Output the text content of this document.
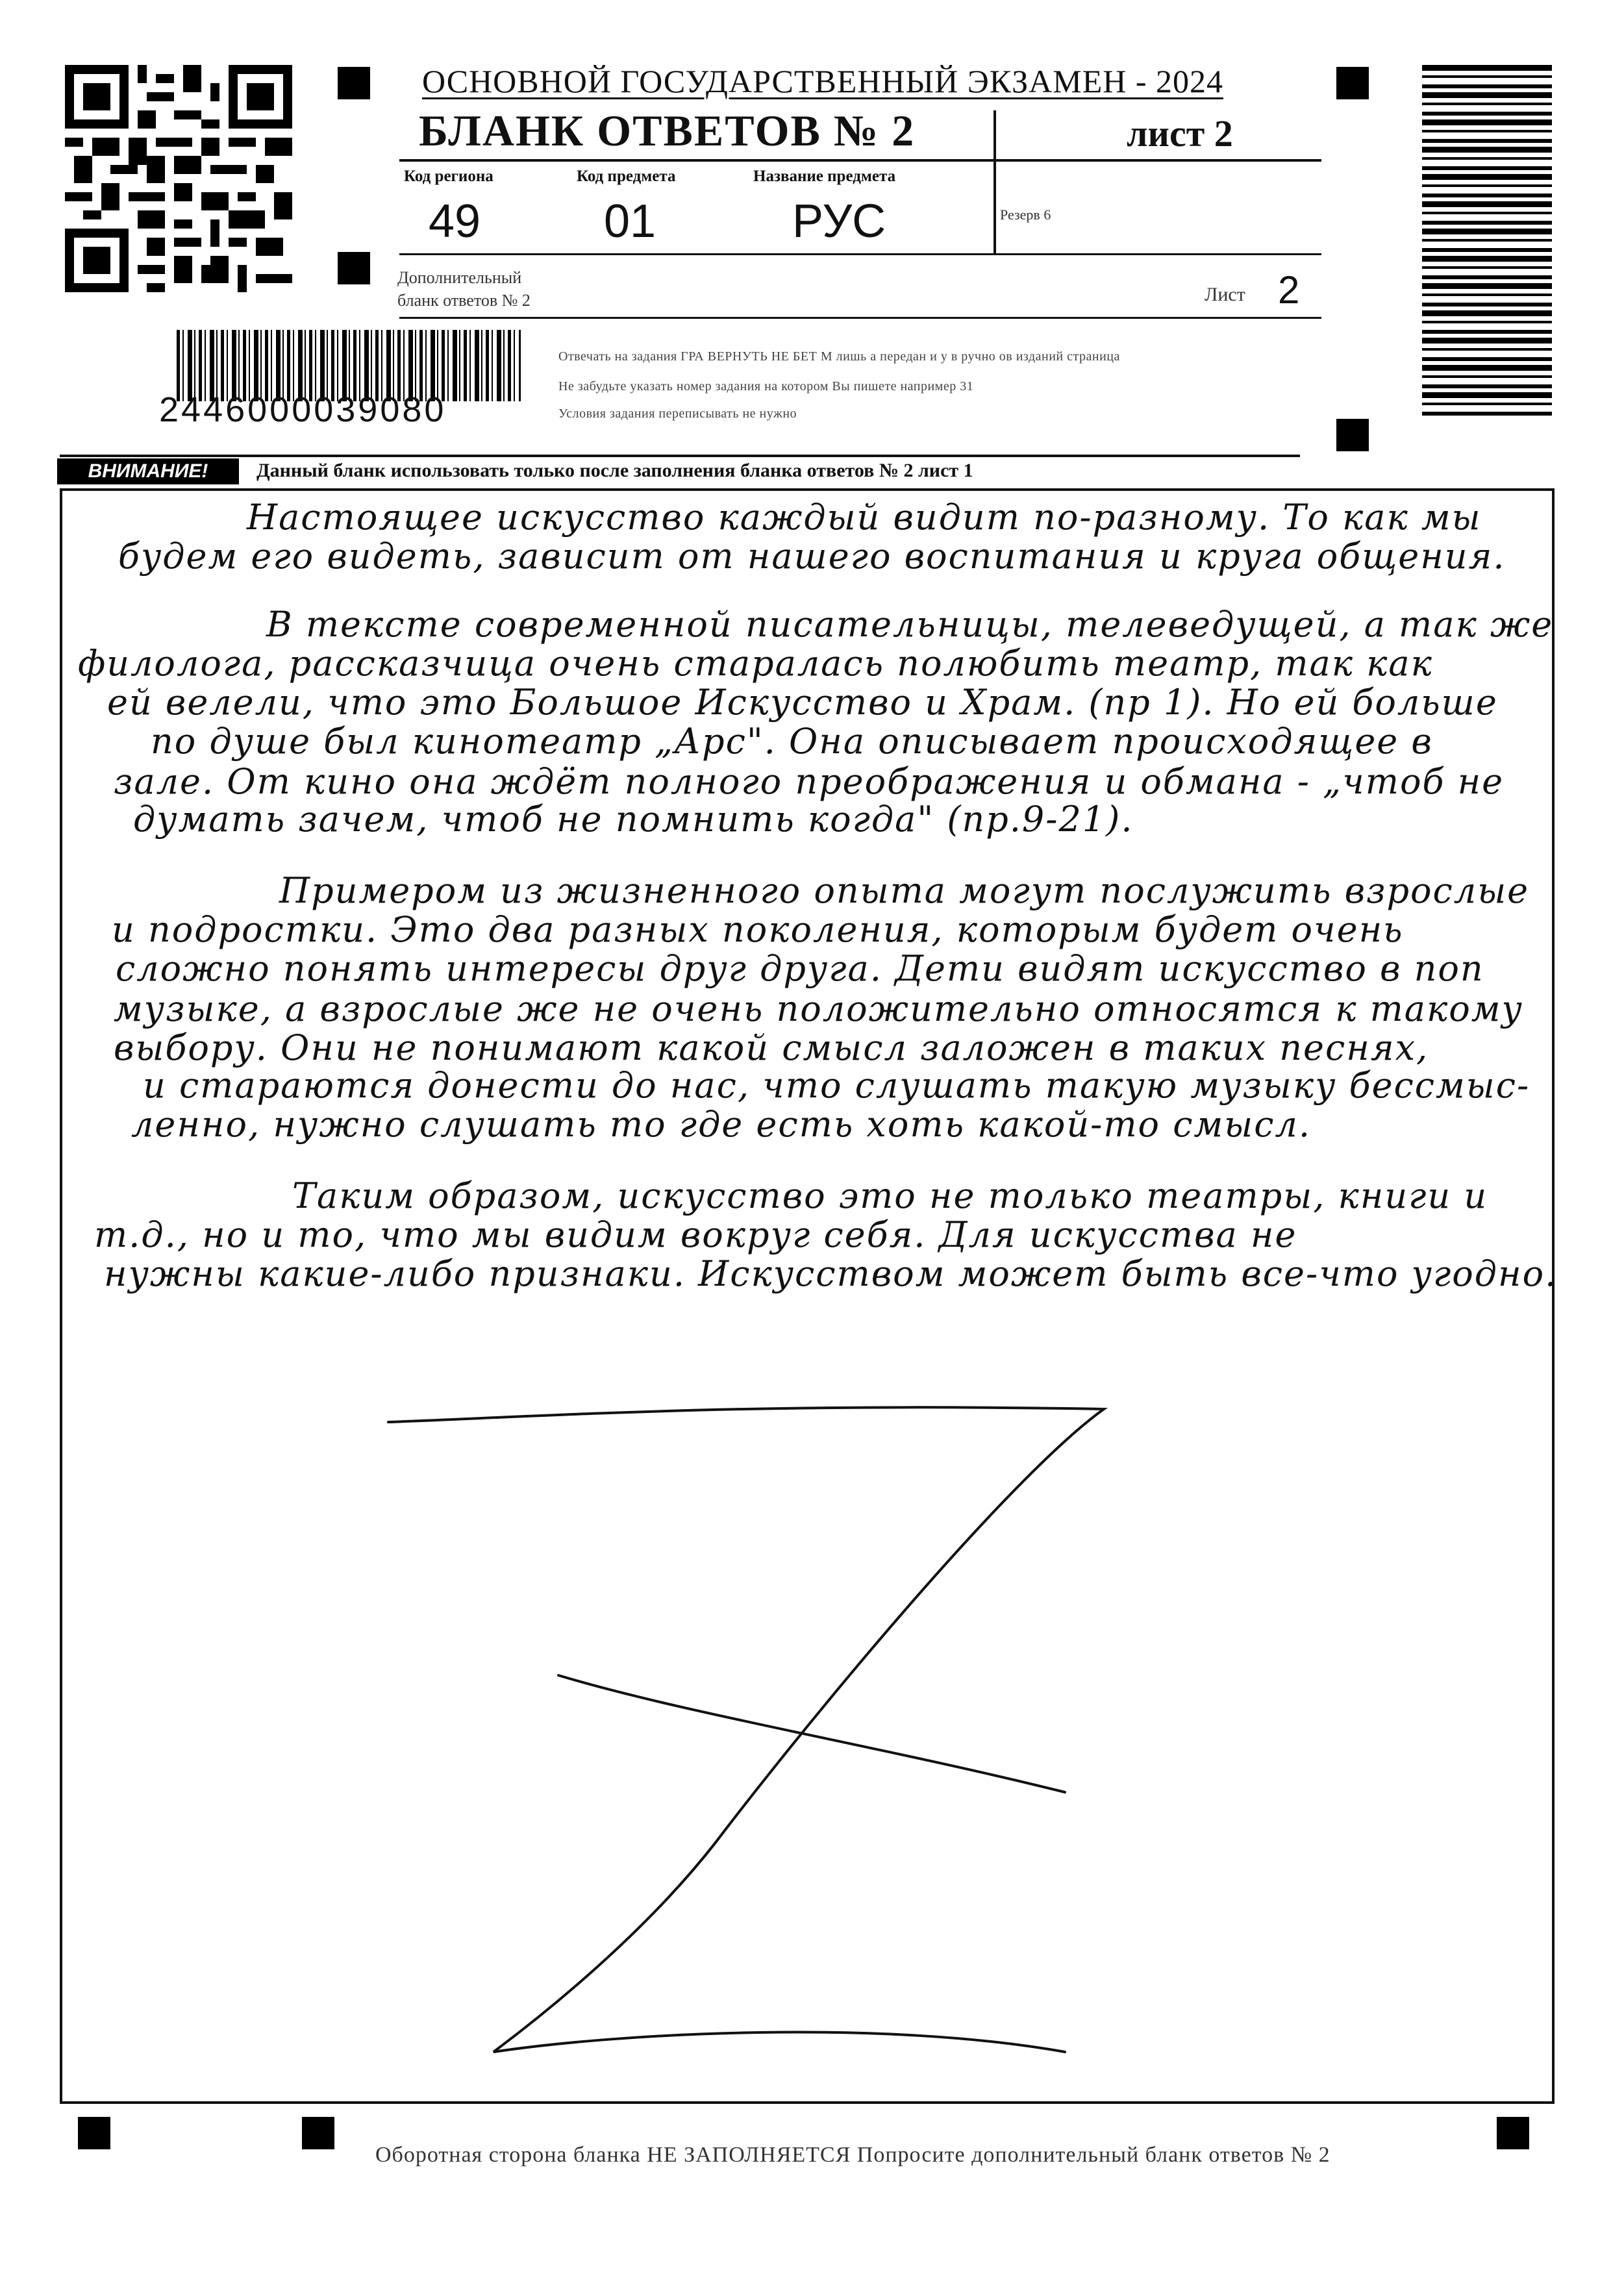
ОСНОВНОЙ ГОСУДАРСТВЕННЫЙ ЭКЗАМЕН - 2024
БЛАНК ОТВЕТОВ № 2	лист 2
Код региона
49
Код предмета
01
Название предмета
РУС	Резерв 6
Дополнительный
бланк ответов № 2	Лист 2
2446000039080
Отвечать на задания ГРА ВЕРНУТЬ НЕ БЕТ М лишь а передан и у в ручно ов изданий страница
Не забудьте указать номер задания на котором Вы пишете например 31
Условия задания переписывать не нужно
ВНИМАНИЕ!	Данный бланк использовать только после заполнения бланка ответов № 2 лист 1
Настоящее искусство каждый видит по-разному. То как мы
будем его видеть, зависит от нашего воспитания и круга общения.
В тексте современной писательницы, телеведущей, а так же
филолога, рассказчица очень старалась полюбить театр, так как
ей велели, что это Большое Искусство и Храм. (пр 1). Но ей больше
по душе был кинотеатр „Арс". Она описывает происходящее в
зале. От кино она ждёт полного преображения и обмана - „чтоб не
думать зачем, чтоб не помнить когда" (пр.9-21).
Примером из жизненного опыта могут послужить взрослые
и подростки. Это два разных поколения, которым будет очень
сложно понять интересы друг друга. Дети видят искусство в поп
музыке, а взрослые же не очень положительно относятся к такому
выбору. Они не понимают какой смысл заложен в таких песнях,
и стараются донести до нас, что слушать такую музыку бессмыс-
ленно, нужно слушать то где есть хоть какой-то смысл.
Таким образом, искусство это не только театры, книги и
т.д., но и то, что мы видим вокруг себя. Для искусства не
нужны какие-либо признаки. Искусством может быть все-что угодно.
Оборотная сторона бланка НЕ ЗАПОЛНЯЕТСЯ Попросите дополнительный бланк ответов № 2
